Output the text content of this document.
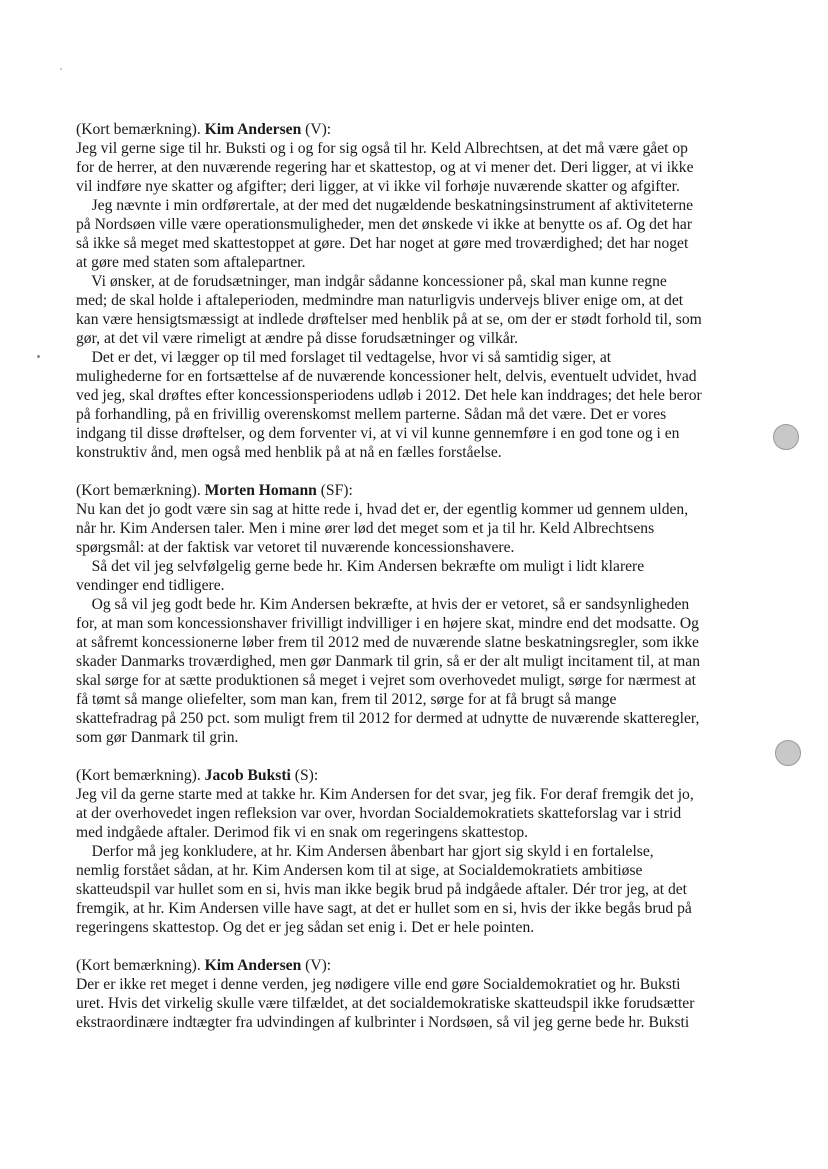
(Kort bemærkning). Kim Andersen (V):
Jeg vil gerne sige til hr. Buksti og i og for sig også til hr. Keld Albrechtsen, at det må være gået op
for de herrer, at den nuværende regering har et skattestop, og at vi mener det. Deri ligger, at vi ikke
vil indføre nye skatter og afgifter; deri ligger, at vi ikke vil forhøje nuværende skatter og afgifter.
Jeg nævnte i min ordførertale, at der med det nugældende beskatningsinstrument af aktiviteterne
på Nordsøen ville være operationsmuligheder, men det ønskede vi ikke at benytte os af. Og det har
så ikke så meget med skattestoppet at gøre. Det har noget at gøre med troværdighed; det har noget
at gøre med staten som aftalepartner.
Vi ønsker, at de forudsætninger, man indgår sådanne koncessioner på, skal man kunne regne
med; de skal holde i aftaleperioden, medmindre man naturligvis undervejs bliver enige om, at det
kan være hensigtsmæssigt at indlede drøftelser med henblik på at se, om der er stødt forhold til, som
gør, at det vil være rimeligt at ændre på disse forudsætninger og vilkår.
Det er det, vi lægger op til med forslaget til vedtagelse, hvor vi så samtidig siger, at
mulighederne for en fortsættelse af de nuværende koncessioner helt, delvis, eventuelt udvidet, hvad
ved jeg, skal drøftes efter koncessionsperiodens udløb i 2012. Det hele kan inddrages; det hele beror
på forhandling, på en frivillig overenskomst mellem parterne. Sådan må det være. Det er vores
indgang til disse drøftelser, og dem forventer vi, at vi vil kunne gennemføre i en god tone og i en
konstruktiv ånd, men også med henblik på at nå en fælles forståelse.
(Kort bemærkning). Morten Homann (SF):
Nu kan det jo godt være sin sag at hitte rede i, hvad det er, der egentlig kommer ud gennem ulden,
når hr. Kim Andersen taler. Men i mine ører lød det meget som et ja til hr. Keld Albrechtsens
spørgsmål: at der faktisk var vetoret til nuværende koncessionshavere.
Så det vil jeg selvfølgelig gerne bede hr. Kim Andersen bekræfte om muligt i lidt klarere
vendinger end tidligere.
Og så vil jeg godt bede hr. Kim Andersen bekræfte, at hvis der er vetoret, så er sandsynligheden
for, at man som koncessionshaver frivilligt indvilliger i en højere skat, mindre end det modsatte. Og
at såfremt koncessionerne løber frem til 2012 med de nuværende slatne beskatningsregler, som ikke
skader Danmarks troværdighed, men gør Danmark til grin, så er der alt muligt incitament til, at man
skal sørge for at sætte produktionen så meget i vejret som overhovedet muligt, sørge for nærmest at
få tømt så mange oliefelter, som man kan, frem til 2012, sørge for at få brugt så mange
skattefradrag på 250 pct. som muligt frem til 2012 for dermed at udnytte de nuværende skatteregler,
som gør Danmark til grin.
(Kort bemærkning). Jacob Buksti (S):
Jeg vil da gerne starte med at takke hr. Kim Andersen for det svar, jeg fik. For deraf fremgik det jo,
at der overhovedet ingen refleksion var over, hvordan Socialdemokratiets skatteforslag var i strid
med indgåede aftaler. Derimod fik vi en snak om regeringens skattestop.
Derfor må jeg konkludere, at hr. Kim Andersen åbenbart har gjort sig skyld i en fortalelse,
nemlig forstået sådan, at hr. Kim Andersen kom til at sige, at Socialdemokratiets ambitiøse
skatteudspil var hullet som en si, hvis man ikke begik brud på indgåede aftaler. Dér tror jeg, at det
fremgik, at hr. Kim Andersen ville have sagt, at det er hullet som en si, hvis der ikke begås brud på
regeringens skattestop. Og det er jeg sådan set enig i. Det er hele pointen.
(Kort bemærkning). Kim Andersen (V):
Der er ikke ret meget i denne verden, jeg nødigere ville end gøre Socialdemokratiet og hr. Buksti
uret. Hvis det virkelig skulle være tilfældet, at det socialdemokratiske skatteudspil ikke forudsætter
ekstraordinære indtægter fra udvindingen af kulbrinter i Nordsøen, så vil jeg gerne bede hr. Buksti
